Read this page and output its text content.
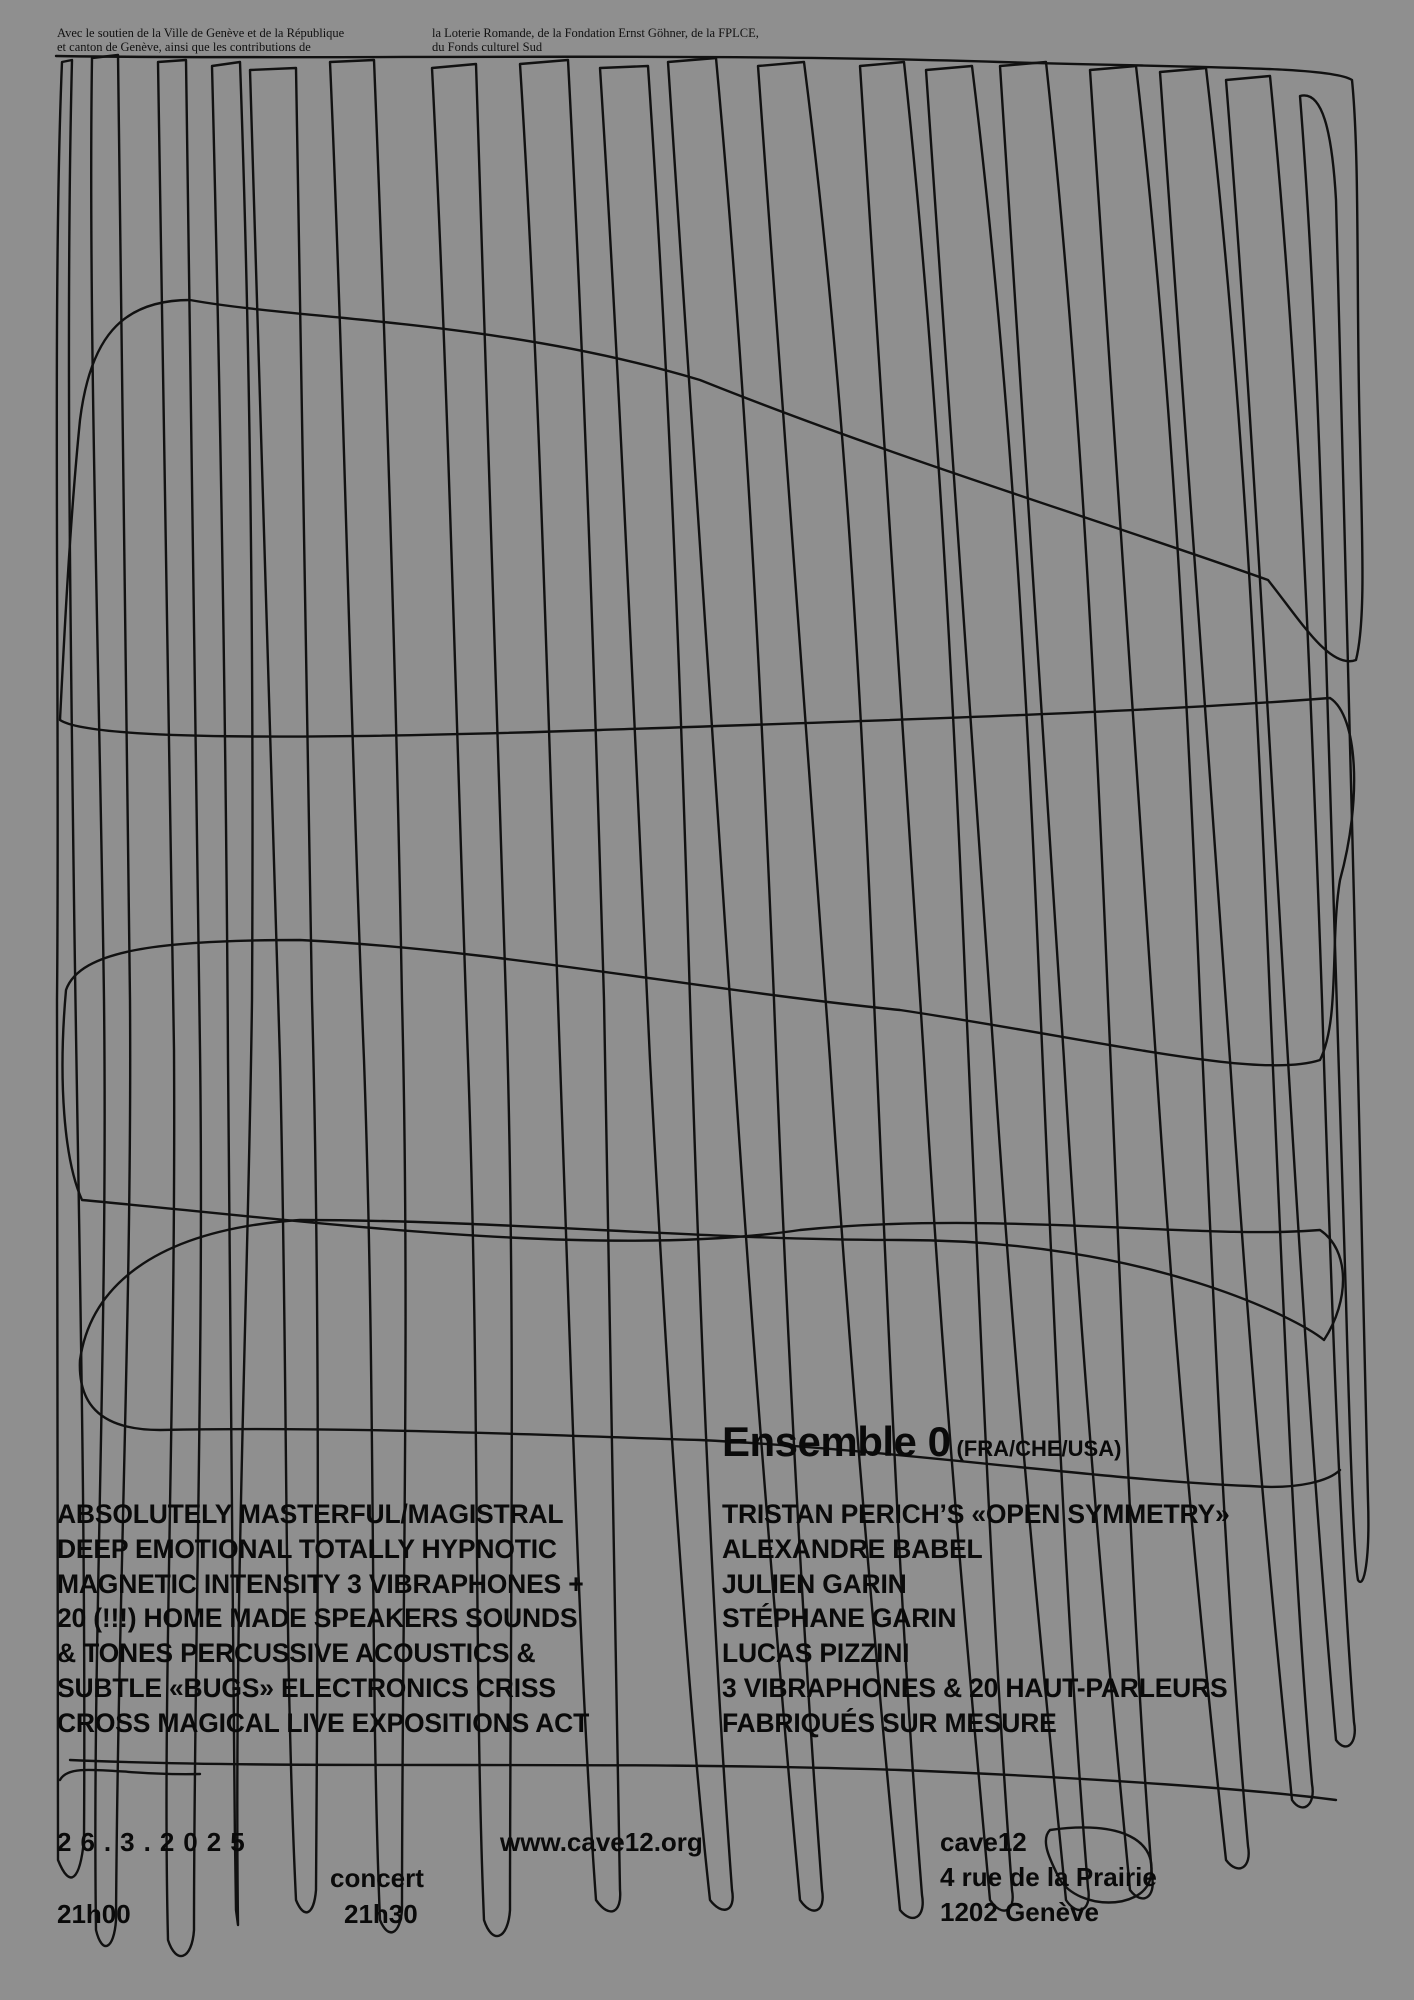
Avec le soutien de la Ville de Genève et de la République
et canton de Genève, ainsi que les contributions de
la Loterie Romande, de la Fondation Ernst Göhner, de la FPLCE,
du Fonds culturel Sud
Ensemble 0 (FRA/CHE/USA)
ABSOLUTELY MASTERFUL/MAGISTRAL
DEEP EMOTIONAL TOTALLY HYPNOTIC
MAGNETIC INTENSITY 3 VIBRAPHONES +
20 (!!!) HOME MADE SPEAKERS SOUNDS
& TONES PERCUSSIVE ACOUSTICS &
SUBTLE «BUGS» ELECTRONICS CRISS
CROSS MAGICAL LIVE EXPOSITIONS ACT
TRISTAN PERICH’S «OPEN SYMMETRY»
ALEXANDRE BABEL
JULIEN GARIN
STÉPHANE GARIN
LUCAS PIZZINI
3 VIBRAPHONES & 20 HAUT-PARLEURS
FABRIQUÉS SUR MESURE
26.3.2025
21h00
concert
21h30
www.cave12.org	cave12
4 rue de la Prairie
1202 Genève
